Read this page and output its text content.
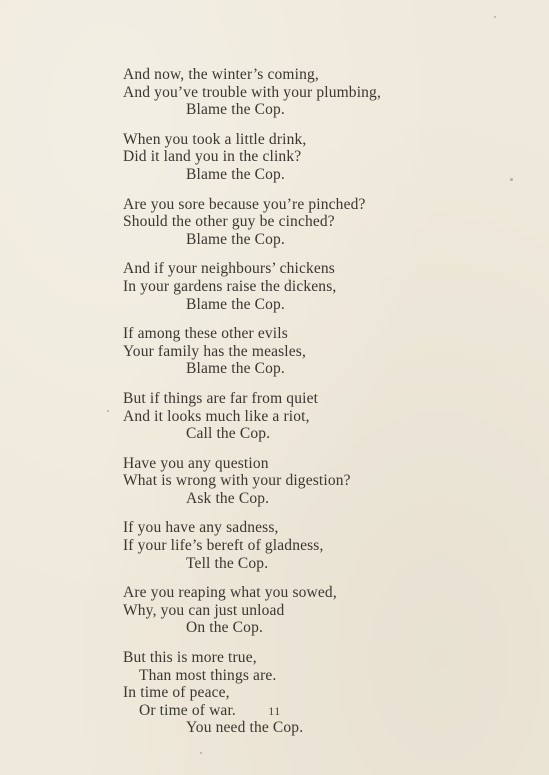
And now, the winter’s coming,
And you’ve trouble with your plumbing,
Blame the Cop.
When you took a little drink,
Did it land you in the clink?
Blame the Cop.
Are you sore because you’re pinched?
Should the other guy be cinched?
Blame the Cop.
And if your neighbours’ chickens
In your gardens raise the dickens,
Blame the Cop.
If among these other evils
Your family has the measles,
Blame the Cop.
But if things are far from quiet
And it looks much like a riot,
Call the Cop.
Have you any question
What is wrong with your digestion?
Ask the Cop.
If you have any sadness,
If your life’s bereft of gladness,
Tell the Cop.
Are you reaping what you sowed,
Why, you can just unload
On the Cop.
But this is more true,
Than most things are.
In time of peace,
Or time of war.
You need the Cop.
11
